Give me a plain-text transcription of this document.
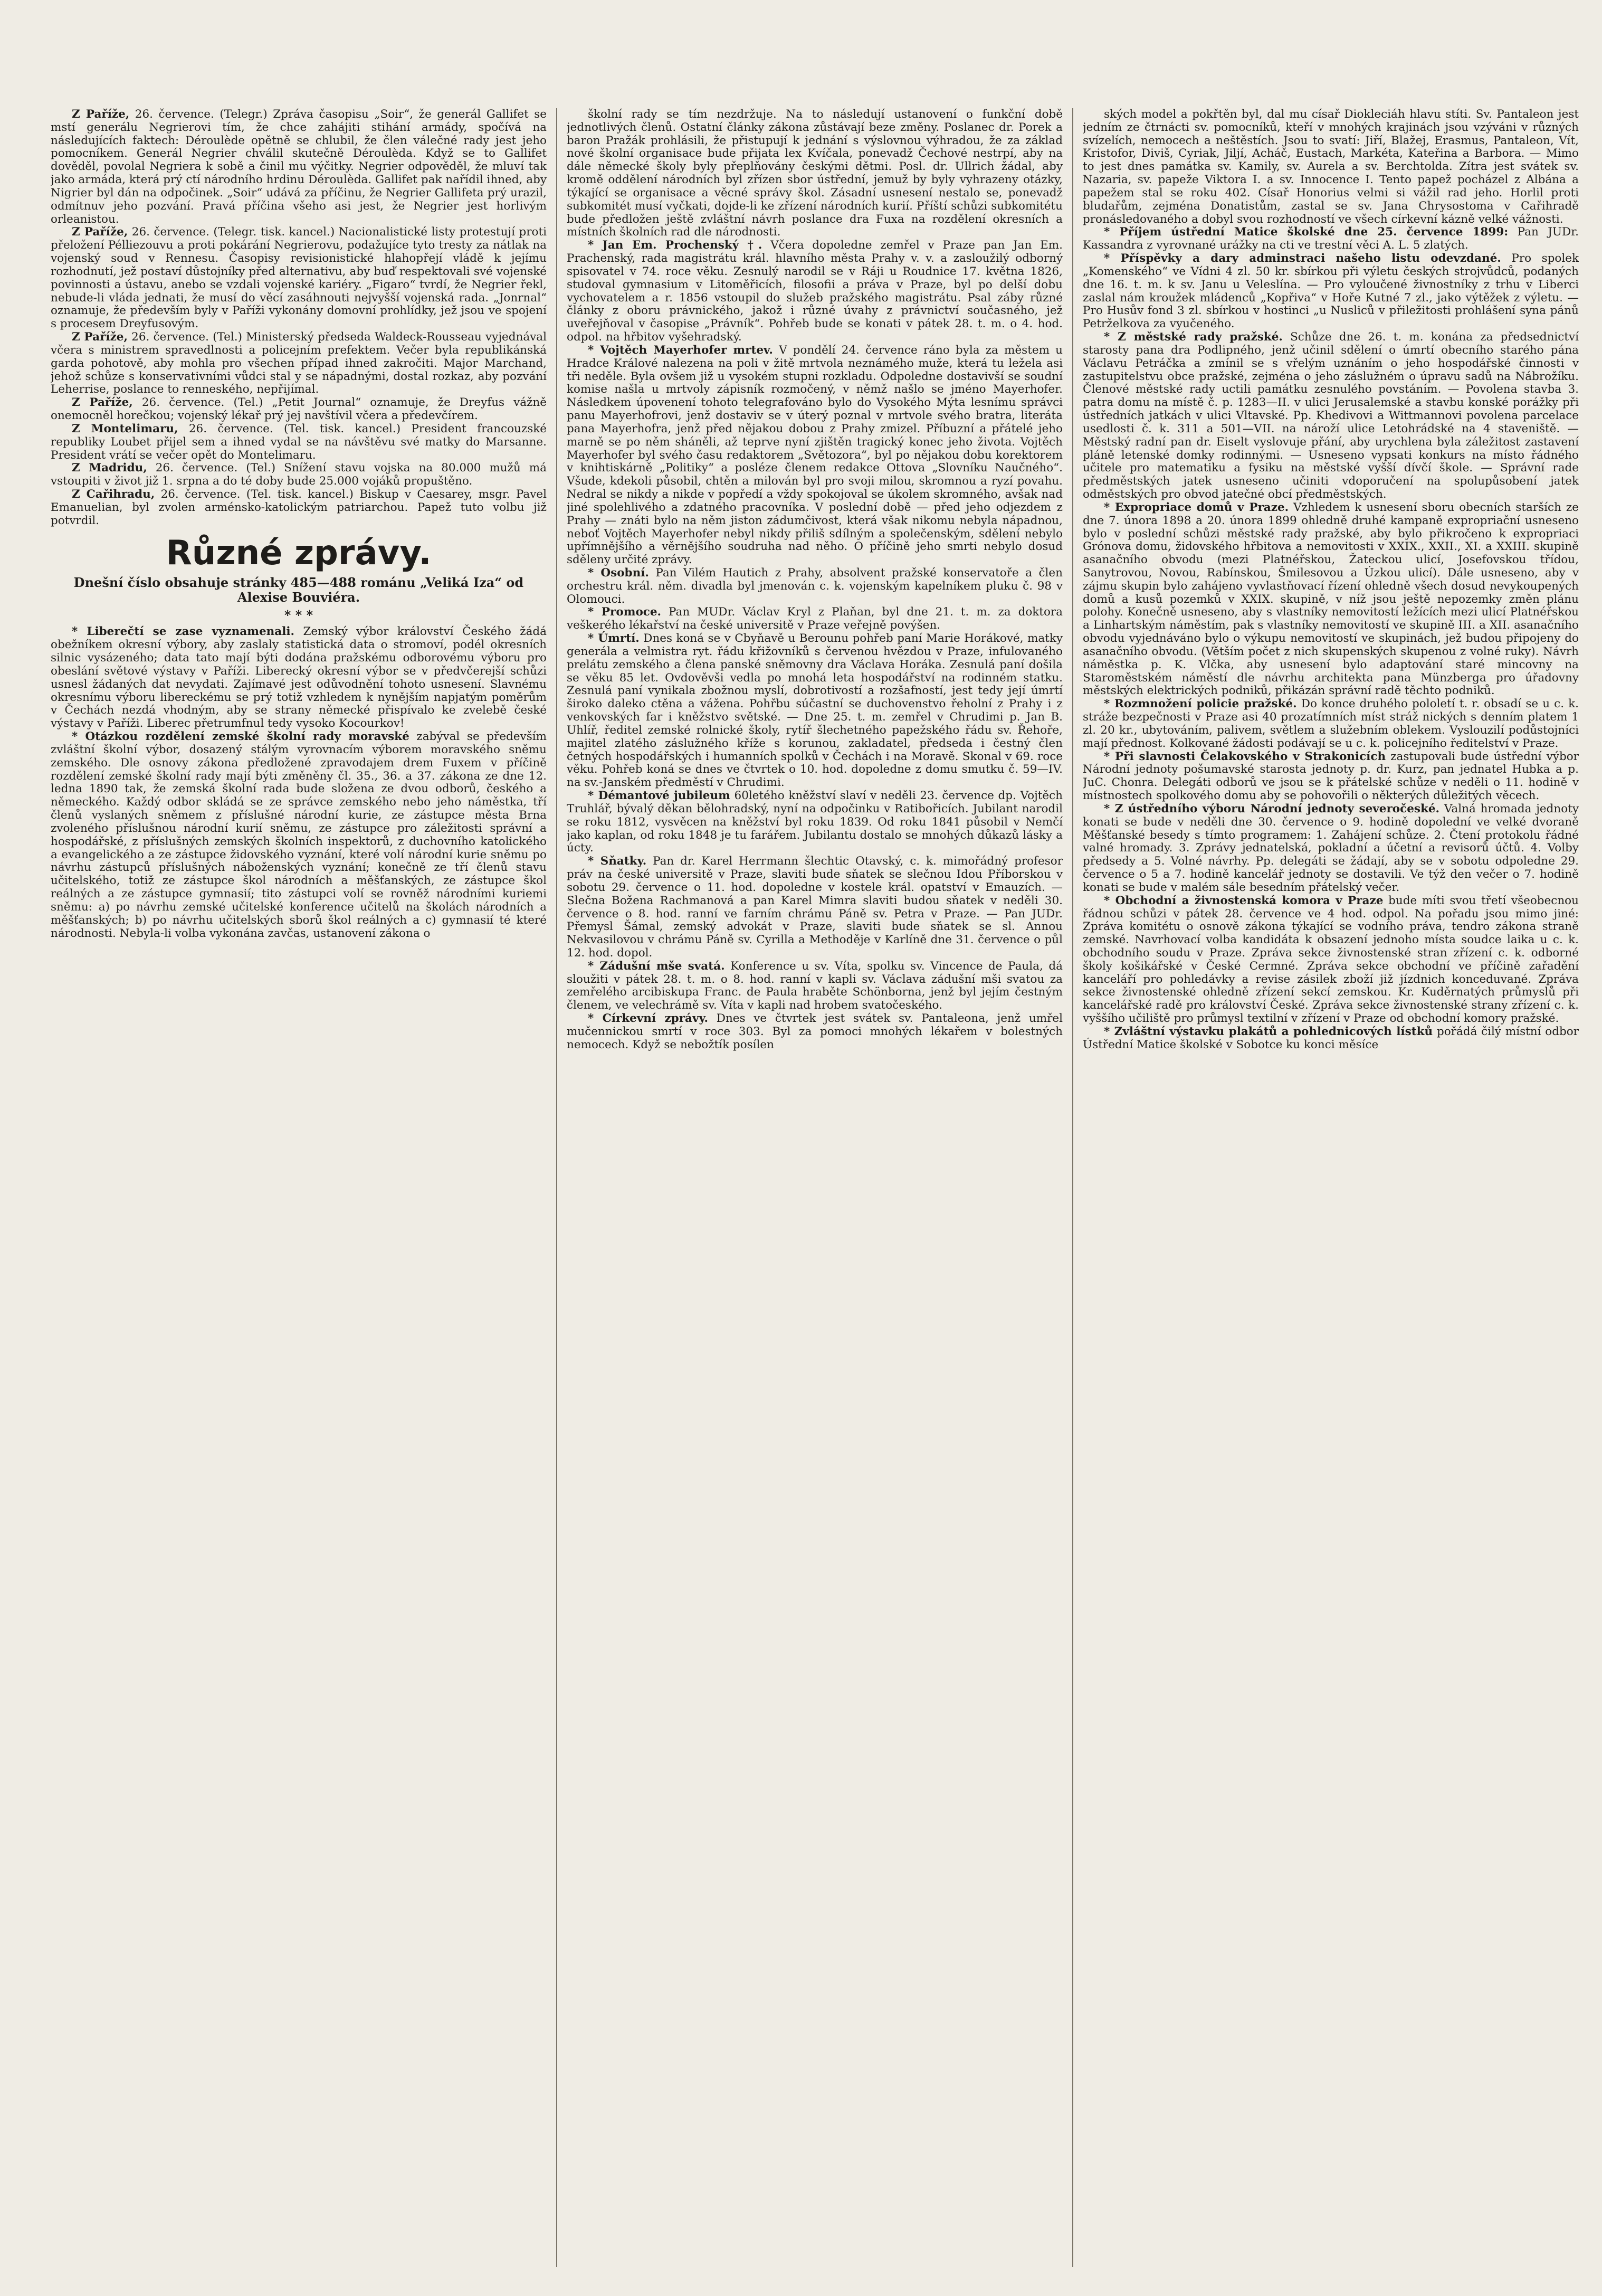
Z Paříže, 26. července. (Telegr.) Zpráva časopisu „Soir“, že generál Gallifet se mstí generálu Negrierovi tím, že chce zahájiti stihání armády, spočívá na následujících faktech: Déroulède opětně se chlubil, že člen válečné rady jest jeho pomocníkem. Generál Negrier chválil skutečně Déroulèda. Když se to Gallifet dověděl, povolal Negriera k sobě a činil mu výčitky. Negrier odpověděl, že mluví tak jako armáda, která prý ctí národního hrdinu Déroulèda. Gallifet pak nařídil ihned, aby Nigrier byl dán na odpočinek. „Soir“ udává za příčinu, že Negrier Gallifeta prý urazil, odmítnuv jeho pozvání. Pravá příčina všeho asi jest, že Negrier jest horlivým orleanistou.

Z Paříže, 26. července. (Telegr. tisk. kancel.) Nacionalistické listy protestují proti přeložení Pélliezouvu a proti pokárání Negrierovu, podažujíce tyto tresty za nátlak na vojenský soud v Rennesu. Časopisy revisionistické hlahopřejí vládě k jejímu rozhodnutí, jež postaví důstojníky před alternativu, aby buď respektovali své vojenské povinnosti a ústavu, anebo se vzdali vojenské kariéry. „Figaro“ tvrdí, že Negrier řekl, nebude-li vláda jednati, že musí do věcí zasáhnouti nejvyšší vojenská rada. „Jonrnal“ oznamuje, že především byly v Paříži vykonány domovní prohlídky, jež jsou ve spojení s procesem Dreyfusovým.

Z Paříže, 26. července. (Tel.) Ministerský předseda Waldeck-Rousseau vyjednával včera s ministrem spravedlnosti a policejním prefektem. Večer byla republikánská garda pohotově, aby mohla pro všechen případ ihned zakročiti. Major Marchand, jehož schůze s konservativními vůdci stal y se nápadnými, dostal rozkaz, aby pozvání Leherrise, poslance to renneského, nepřijímal.

Z Paříže, 26. července. (Tel.) „Petit Journal“ oznamuje, že Dreyfus vážně onemocněl horečkou; vojenský lékař prý jej navštívil včera a předevčírem.

Z Montelimaru, 26. července. (Tel. tisk. kancel.) President francouzské republiky Loubet přijel sem a ihned vydal se na návštěvu své matky do Marsanne. President vrátí se večer opět do Montelimaru.

Z Madridu, 26. července. (Tel.) Snížení stavu vojska na 80.000 mužů má vstoupiti v život již 1. srpna a do té doby bude 25.000 vojáků propuštěno.

Z Cařihradu, 26. července. (Tel. tisk. kancel.) Biskup v Caesarey, msgr. Pavel Emanuelian, byl zvolen arménsko-katolickým patriarchou. Papež tuto volbu již potvrdil.

Různé zprávy.
Dnešní číslo obsahuje stránky 485—488 románu „Veliká Iza“ od Alexise Bouviéra.
* * *

* Liberečtí se zase vyznamenali. Zemský výbor království Českého žádá obežníkem okresní výbory, aby zaslaly statistická data o stromoví, podél okresních silnic vysázeného; data tato mají býti dodána pražskému odborovému výboru pro obeslání světové výstavy v Paříži. Liberecký okresní výbor se v předvčerejší schůzi usnesl žádaných dat nevydati. Zajímavé jest odůvodnění tohoto usnesení. Slavnému okresnímu výboru libereckému se prý totiž vzhledem k nynějším napjatým poměrům v Čechách nezdá vhodným, aby se strany německé přispívalo ke zvelebě české výstavy v Paříži. Liberec přetrumfnul tedy vysoko Kocourkov!

* Otázkou rozdělení zemské školní rady moravské zabýval se především zvláštní školní výbor, dosazený stálým vyrovnacím výborem moravského sněmu zemského. Dle osnovy zákona předložené zpravodajem drem Fuxem v příčině rozdělení zemské školní rady mají býti změněny čl. 35., 36. a 37. zákona ze dne 12. ledna 1890 tak, že zemská školní rada bude složena ze dvou odborů, českého a německého. Každý odbor skládá se ze správce zemského nebo jeho náměstka, tří členů vyslaných sněmem z příslušné národní kurie, ze zástupce města Brna zvoleného příslušnou národní kurií sněmu, ze zástupce pro záležitosti správní a hospodářské, z příslušných zemských školních inspektorů, z duchovního katolického a evangelického a ze zástupce židovského vyznání, které volí národní kurie sněmu po návrhu zástupců příslušných náboženských vyznání; konečně ze tří členů stavu učitelského, totiž ze zástupce škol národních a měšťanských, ze zástupce škol reálných a ze zástupce gymnasií; tito zástupci volí se rovněž národními kuriemi sněmu: a) po návrhu zemské učitelské konference učitelů na školách národních a měšťanských; b) po návrhu učitelských sborů škol reálných a c) gymnasií té které národnosti. Nebyla-li volba vykonána zavčas, ustanovení zákona o

školní rady se tím nezdržuje. Na to následují ustanovení o funkční době jednotlivých členů. Ostatní články zákona zůstávají beze změny. Poslanec dr. Porek a baron Pražák prohlásili, že přistupují k jednání s výslovnou výhradou, že za základ nové školní organisace bude přijata lex Kvíčala, ponevadž Čechové nestrpí, aby na dále německé školy byly přeplňovány českými dětmi. Posl. dr. Ullrich žádal, aby kromě oddělení národních byl zřízen sbor ústřední, jemuž by byly vyhrazeny otázky, týkající se organisace a věcné správy škol. Zásadní usnesení nestalo se, ponevadž subkomitét musí vyčkati, dojde-li ke zřízení národních kurií. Příští schůzi subkomitétu bude předložen ještě zvláštní návrh poslance dra Fuxa na rozdělení okresních a místních školních rad dle národnosti.

* Jan Em. Prochenský †. Včera dopoledne zemřel v Praze pan Jan Em. Prachenský, rada magistrátu král. hlavního města Prahy v. v. a zasloužilý odborný spisovatel v 74. roce věku. Zesnulý narodil se v Ráji u Roudnice 17. května 1826, studoval gymnasium v Litoměřicích, filosofii a práva v Praze, byl po delší dobu vychovatelem a r. 1856 vstoupil do služeb pražského magistrátu. Psal záby různé články z oboru právnického, jakož i různé úvahy z právnictví současného, jež uveřejňoval v časopise „Právník“. Pohřeb bude se konati v pátek 28. t. m. o 4. hod. odpol. na hřbitov vyšehradský.

* Vojtěch Mayerhofer mrtev. V pondělí 24. července ráno byla za městem u Hradce Králové nalezena na poli v žitě mrtvola neznámého muže, která tu ležela asi tři neděle. Byla ovšem již u vysokém stupni rozkladu. Odpoledne dostavivší se soudní komise našla u mrtvoly zápisník rozmočený, v němž našlo se jméno Mayerhofer. Následkem úpovenení tohoto telegrafováno bylo do Vysokého Mýta lesnímu správci panu Mayerhofrovi, jenž dostaviv se v úterý poznal v mrtvole svého bratra, literáta pana Mayerhofra, jenž před nějakou dobou z Prahy zmizel. Příbuzní a přátelé jeho marně se po něm sháněli, až teprve nyní zjištěn tragický konec jeho života. Vojtěch Mayerhofer byl svého času redaktorem „Světozora“, byl po nějakou dobu korektorem v knihtiskárně „Politiky“ a posléze členem redakce Ottova „Slovníku Naučného“. Všude, kdekoli působil, chtěn a milován byl pro svoji milou, skromnou a ryzí povahu. Nedral se nikdy a nikde v popředí a vždy spokojoval se úkolem skromného, avšak nad jiné spolehlivého a zdatného pracovníka. V poslední době — před jeho odjezdem z Prahy — znáti bylo na něm jiston zádumčivost, která však nikomu nebyla nápadnou, neboť Vojtěch Mayerhofer nebyl nikdy přiliš sdílným a společenským, sdělení nebylo upřímnějšího a věrnějšího soudruha nad něho. O příčině jeho smrti nebylo dosud sděleny určité zprávy.

* Osobní. Pan Vilém Hautich z Prahy, absolvent pražské konservatoře a člen orchestru král. něm. divadla byl jmenován c. k. vojenským kapelníkem pluku č. 98 v Olomouci.

* Promoce. Pan MUDr. Václav Kryl z Plaňan, byl dne 21. t. m. za doktora veškerého lékařství na české universitě v Praze veřejně povýšen.

* Úmrtí. Dnes koná se v Cbyňavě u Berounu pohřeb paní Marie Horákové, matky generála a velmistra ryt. řádu křižovníků s červenou hvězdou v Praze, infulovaného prelátu zemského a člena panské sněmovny dra Václava Horáka. Zesnulá paní došila se věku 85 let. Ovdověvši vedla po mnohá leta hospodářství na rodinném statku. Zesnulá paní vynikala zbožnou myslí, dobrotivostí a rozšafností, jest tedy její úmrtí široko daleko ctěna a vážena. Pohřbu súčastní se duchovenstvo řeholní z Prahy i z venkovských far i kněžstvo světské. — Dne 25. t. m. zemřel v Chrudimi p. Jan B. Uhlíř, ředitel zemské rolnické školy, rytíř šlechetného papežského řádu sv. Řehoře, majitel zlatého záslužného kříže s korunou, zakladatel, předseda i čestný člen četných hospodářských i humanních spolků v Čechách i na Moravě. Skonal v 69. roce věku. Pohřeb koná se dnes ve čtvrtek o 10. hod. dopoledne z domu smutku č. 59—IV. na sv.-Janském předměstí v Chrudimi.

* Démantové jubileum 60letého kněžství slaví v neděli 23. července dp. Vojtěch Truhlář, bývalý děkan bělohradský, nyní na odpočinku v Ratibořicích. Jubilant narodil se roku 1812, vysvěcen na kněžství byl roku 1839. Od roku 1841 působil v Nemčí jako kaplan, od roku 1848 je tu farářem. Jubilantu dostalo se mnohých důkazů lásky a úcty.

* Sňatky. Pan dr. Karel Herrmann šlechtic Otavský, c. k. mimořádný profesor práv na české universitě v Praze, slaviti bude sňatek se slečnou Idou Příborskou v sobotu 29. července o 11. hod. dopoledne v kostele král. opatství v Emauzích. — Slečna Božena Rachmanová a pan Karel Mimra slaviti budou sňatek v neděli 30. července o 8. hod. ranní ve farním chrámu Páně sv. Petra v Praze. — Pan JUDr. Přemysl Šámal, zemský advokát v Praze, slaviti bude sňatek se sl. Annou Nekvasilovou v chrámu Páně sv. Cyrilla a Methoděje v Karlíně dne 31. července o půl 12. hod. dopol.

* Zádušní mše svatá. Konference u sv. Víta, spolku sv. Vincence de Paula, dá sloužiti v pátek 28. t. m. o 8. hod. ranní v kapli sv. Václava zádušní mši svatou za zemřelého arcibiskupa Franc. de Paula hraběte Schönborna, jenž byl jejím čestným členem, ve velechrámě sv. Víta v kapli nad hrobem svatočeského.

* Církevní zprávy. Dnes ve čtvrtek jest svátek sv. Pantaleona, jenž umřel mučennickou smrtí v roce 303. Byl za pomoci mnohých lékařem v bolestných nemocech. Když se nebožtík posílen

ských model a pokřtěn byl, dal mu císař Diokleciáh hlavu stíti. Sv. Pantaleon jest jedním ze čtrnácti sv. pomocníků, kteří v mnohých krajinách jsou vzýváni v různých svízelích, nemocech a neštěstích. Jsou to svatí: Jiří, Blažej, Erasmus, Pantaleon, Vít, Kristofor, Diviš, Cyriak, Jiljí, Acháč, Eustach, Markéta, Kateřina a Barbora. — Mimo to jest dnes památka sv. Kamily, sv. Aurela a sv. Berchtolda. Zítra jest svátek sv. Nazaria, sv. papeže Viktora I. a sv. Innocence I. Tento papež pocházel z Albána a papežem stal se roku 402. Císař Honorius velmi si vážil rad jeho. Horlil proti bludařům, zejména Donatistům, zastal se sv. Jana Chrysostoma v Cařihradě pronásledovaného a dobyl svou rozhodností ve všech církevní kázně velké vážnosti.

* Příjem ústřední Matice školské dne 25. července 1899: Pan JUDr. Kassandra z vyrovnané urážky na cti ve trestní věci A. L. 5 zlatých.

* Příspěvky a dary adminstraci našeho listu odevzdané. Pro spolek „Komenského“ ve Vídni 4 zl. 50 kr. sbírkou při výletu českých strojvůdců, podaných dne 16. t. m. k sv. Janu u Veleslína. — Pro vyloučené živnostníky z trhu v Liberci zaslal nám kroužek mládenců „Kopřiva“ v Hoře Kutné 7 zl., jako výtěžek z výletu. — Pro Husův fond 3 zl. sbírkou v hostinci „u Nusliců v přiležitosti prohlášení syna pánů Petrželkova za vyučeného.

* Z městské rady pražské. Schůze dne 26. t. m. konána za předsednictví starosty pana dra Podlipného, jenž učinil sdělení o úmrtí obecního starého pána Václavu Petráčka a zmínil se s vřelým uznáním o jeho hospodářské činnosti v zastupitelstvu obce pražské, zejména o jeho záslužném o úpravu sadů na Nábrožíku. Členové městské rady uctili památku zesnulého povstáním. — Povolena stavba 3. patra domu na místě č. p. 1283—II. v ulici Jerusalemské a stavbu konské porážky při ústředních jatkách v ulici Vltavské. Pp. Khedivovi a Wittmannovi povolena parcelace usedlosti č. k. 311 a 501—VII. na nároží ulice Letohrádské na 4 staveniště. — Městský radní pan dr. Eiselt vyslovuje přání, aby urychlena byla záležitost zastavení pláně letenské domky rodinnými. — Usneseno vypsati konkurs na místo řádného učitele pro matematiku a fysiku na městské vyšší dívčí škole. — Správní rade předměstských jatek usneseno učiniti vdoporučení na spolupůsobení jatek odměstských pro obvod jatečné obcí předměstských.

* Expropriace domů v Praze. Vzhledem k usnesení sboru obecních starších ze dne 7. února 1898 a 20. února 1899 ohledně druhé kampaně expropriační usneseno bylo v poslední schůzi městské rady pražské, aby bylo přikročeno k expropriaci Grónova domu, židovského hřbitova a nemovitosti v XXIX., XXII., XI. a XXIII. skupině asanačního obvodu (mezi Platnéřskou, Žateckou ulicí, Josefovskou třídou, Sanytrovou, Novou, Rabínskou, Šmilesovou a Úzkou ulicí). Dále usneseno, aby v zájmu skupin bylo zahájeno vyvlastňovací řízení ohledně všech dosud nevykoupených domů a kusů pozemků v XXIX. skupině, v níž jsou ještě nepozemky změn plánu polohy. Konečně usneseno, aby s vlastníky nemovitostí ležících mezi ulicí Platnéřskou a Linhartským náměstím, pak s vlastníky nemovitostí ve skupině III. a XII. asanačního obvodu vyjednáváno bylo o výkupu nemovitostí ve skupinách, jež budou připojeny do asanačního obvodu. (Větším počet z nich skupenských skupenou z volné ruky). Návrh náměstka p. K. Vlčka, aby usnesení bylo adaptování staré mincovny na Staroměstském náměstí dle návrhu architekta pana Münzberga pro úřadovny městských elektrických podniků, přikázán správní radě těchto podniků.

* Rozmnožení policie pražské. Do konce druhého pololetí t. r. obsadí se u c. k. stráže bezpečnosti v Praze asi 40 prozatímních míst stráž nických s denním platem 1 zl. 20 kr., ubytováním, palivem, světlem a služebním oblekem. Vyslouzilí podůstojníci mají přednost. Kolkované žádosti podávají se u c. k. policejního ředitelství v Praze.

* Při slavnosti Čelakovského v Strakonicích zastupovali bude ústřední výbor Národní jednoty pošumavské starosta jednoty p. dr. Kurz, pan jednatel Hubka a p. JuC. Chonra. Delegáti odborů ve jsou se k přátelské schůze v neděli o 11. hodině v místnostech spolkového domu aby se pohovořili o některých důležitých věcech.

* Z ústředního výboru Národní jednoty severočeské. Valná hromada jednoty konati se bude v neděli dne 30. července o 9. hodině dopolední ve velké dvoraně Měšťanské besedy s tímto programem: 1. Zahájení schůze. 2. Čtení protokolu řádné valné hromady. 3. Zprávy jednatelská, pokladní a účetní a revisorů účtů. 4. Volby předsedy a 5. Volné návrhy. Pp. delegáti se žádají, aby se v sobotu odpoledne 29. července o 5 a 7. hodině kancelář jednoty se dostavili. Ve týž den večer o 7. hodině konati se bude v malém sále besedním přátelský večer.

* Obchodní a živnostenská komora v Praze bude míti svou třetí všeobecnou řádnou schůzi v pátek 28. července ve 4 hod. odpol. Na pořadu jsou mimo jiné: Zpráva komitétu o osnově zákona týkající se vodního práva, tendro zákona straně zemské. Navrhovací volba kandidáta k obsazení jednoho místa soudce laika u c. k. obchodního soudu v Praze. Zpráva sekce živnostenské stran zřízení c. k. odborné školy košikářské v České Cermné. Zpráva sekce obchodní ve příčině zařadění kanceláří pro pohledávky a revise zásilek zboží již jízdnich konceduvané. Zpráva sekce živnostenské ohledně zřízení sekcí zemskou. Kr. Kuděrnatých průmyslů při kancelářské radě pro království České. Zpráva sekce živnostenské strany zřízení c. k. vyššího učiliště pro průmysl textilní v zřízení v Praze od obchodní komory pražské.

* Zvláštní výstavku plakátů a pohlednicových lístků pořádá čilý místní odbor Ústřední Matice školské v Sobotce ku konci měsíce
